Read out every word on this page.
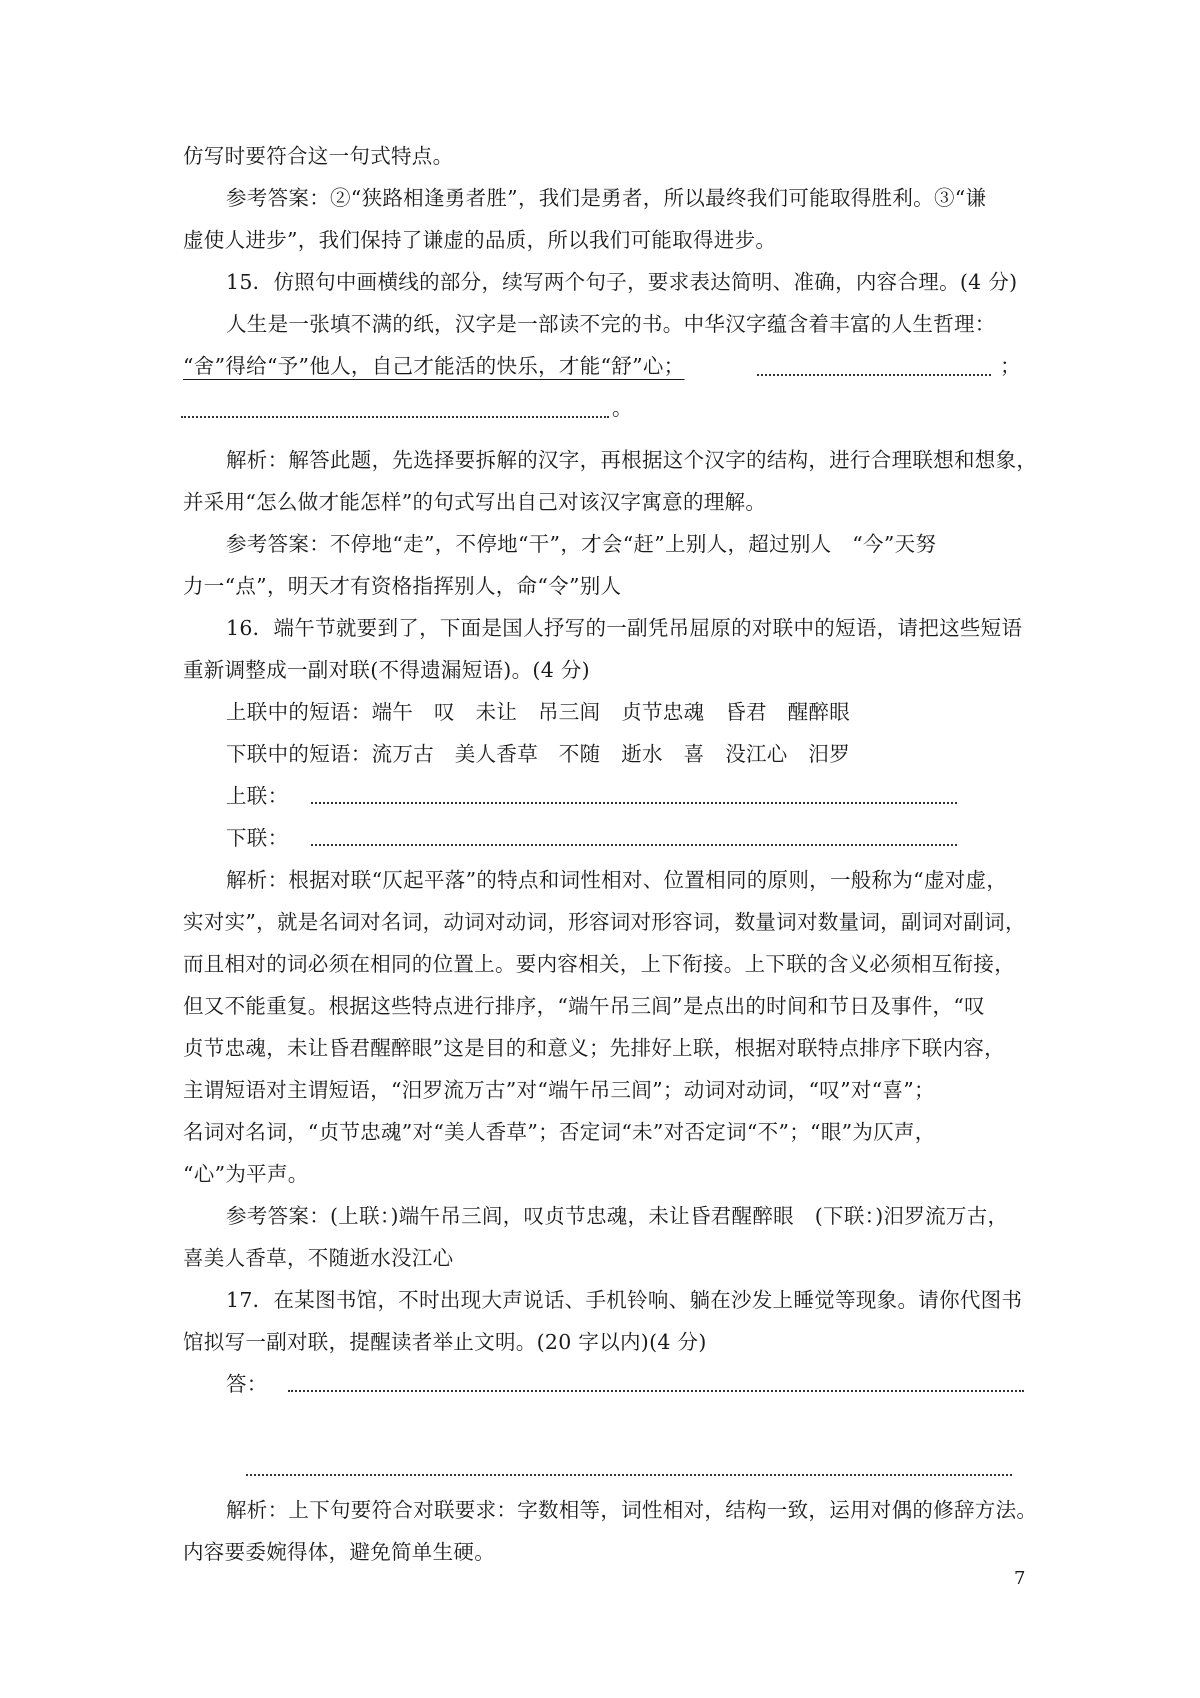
仿写时要符合这一句式特点。
参考答案：②“狭路相逢勇者胜”，我们是勇者，所以最终我们可能取得胜利。③“谦
虚使人进步”，我们保持了谦虚的品质，所以我们可能取得进步。
15．仿照句中画横线的部分，续写两个句子，要求表达简明、准确，内容合理。(4 分)
人生是一张填不满的纸，汉字是一部读不完的书。中华汉字蕴含着丰富的人生哲理：
“舍”得给“予”他人，自己才能活的快乐，才能“舒”心；	；
。
解析：解答此题，先选择要拆解的汉字，再根据这个汉字的结构，进行合理联想和想象，
并采用“怎么做才能怎样”的句式写出自己对该汉字寓意的理解。
参考答案：不停地“走”，不停地“干”，才会“赶”上别人，超过别人　“今”天努
力一“点”，明天才有资格指挥别人，命“令”别人
16．端午节就要到了，下面是国人抒写的一副凭吊屈原的对联中的短语，请把这些短语
重新调整成一副对联(不得遗漏短语)。(4 分)
上联中的短语：端午　叹　未让　吊三闾　贞节忠魂　昏君　醒醉眼
下联中的短语：流万古　美人香草　不随　逝水　喜　没江心　汨罗
上联：
下联：
解析：根据对联“仄起平落”的特点和词性相对、位置相同的原则，一般称为“虚对虚，
实对实”，就是名词对名词，动词对动词，形容词对形容词，数量词对数量词，副词对副词，
而且相对的词必须在相同的位置上。要内容相关，上下衔接。上下联的含义必须相互衔接，
但又不能重复。根据这些特点进行排序，“端午吊三闾”是点出的时间和节日及事件，“叹
贞节忠魂，未让昏君醒醉眼”这是目的和意义；先排好上联，根据对联特点排序下联内容，
主谓短语对主谓短语，“汨罗流万古”对“端午吊三闾”；动词对动词，“叹”对“喜”；
名词对名词，“贞节忠魂”对“美人香草”；否定词“未”对否定词“不”；“眼”为仄声，
“心”为平声。
参考答案：(上联：)端午吊三闾，叹贞节忠魂，未让昏君醒醉眼　(下联：)汨罗流万古，
喜美人香草，不随逝水没江心
17．在某图书馆，不时出现大声说话、手机铃响、躺在沙发上睡觉等现象。请你代图书
馆拟写一副对联，提醒读者举止文明。(20 字以内)(4 分)
答：
解析：上下句要符合对联要求：字数相等，词性相对，结构一致，运用对偶的修辞方法。
内容要委婉得体，避免简单生硬。
7
